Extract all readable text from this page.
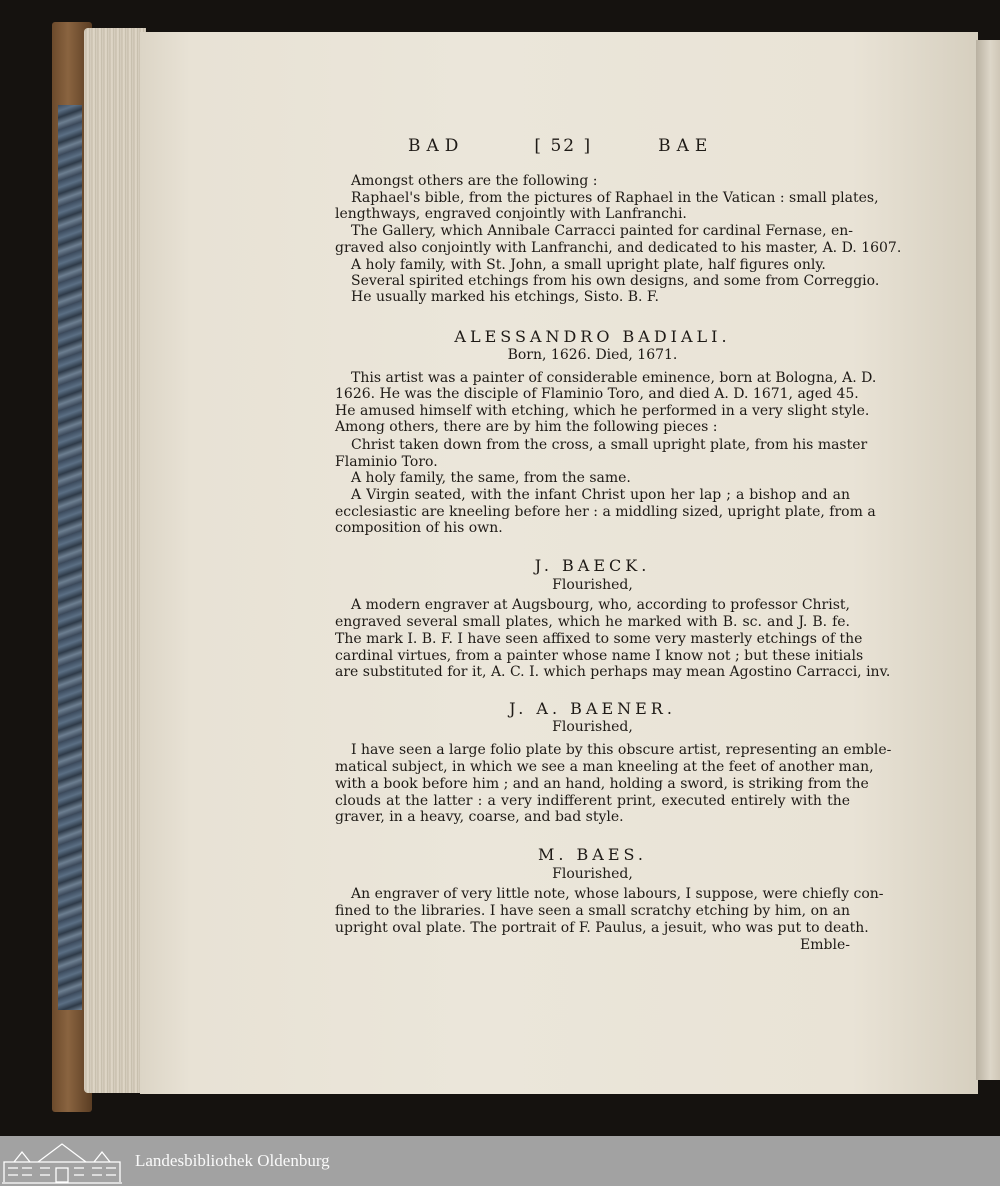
BAD	[ 52 ]	BAE
Amongst others are the following :
Raphael's bible, from the pictures of Raphael in the Vatican : small plates,
lengthways, engraved conjointly with Lanfranchi.
The Gallery, which Annibale Carracci painted for cardinal Fernase, en-
graved also conjointly with Lanfranchi, and dedicated to his master, A. D. 1607.
A holy family, with St. John, a small upright plate, half figures only.
Several spirited etchings from his own designs, and some from Correggio.
He usually marked his etchings, Sisto. B. F.
ALESSANDRO BADIALI.
Born, 1626. Died, 1671.
This artist was a painter of considerable eminence, born at Bologna, A. D.
1626. He was the disciple of Flaminio Toro, and died A. D. 1671, aged 45.
He amused himself with etching, which he performed in a very slight style.
Among others, there are by him the following pieces :
Christ taken down from the cross, a small upright plate, from his master
Flaminio Toro.
A holy family, the same, from the same.
A Virgin seated, with the infant Christ upon her lap ; a bishop and an
ecclesiastic are kneeling before her : a middling sized, upright plate, from a
composition of his own.
J. BAECK.
Flourished,
A modern engraver at Augsbourg, who, according to professor Christ,
engraved several small plates, which he marked with B. sc. and J. B. fe.
The mark I. B. F. I have seen affixed to some very masterly etchings of the
cardinal virtues, from a painter whose name I know not ; but these initials
are substituted for it, A. C. I. which perhaps may mean Agostino Carracci, inv.
J. A. BAENER.
Flourished,
I have seen a large folio plate by this obscure artist, representing an emble-
matical subject, in which we see a man kneeling at the feet of another man,
with a book before him ; and an hand, holding a sword, is striking from the
clouds at the latter : a very indifferent print, executed entirely with the
graver, in a heavy, coarse, and bad style.
M. BAES.
Flourished,
An engraver of very little note, whose labours, I suppose, were chiefly con-
fined to the libraries. I have seen a small scratchy etching by him, on an
upright oval plate. The portrait of F. Paulus, a jesuit, who was put to death.
Emble-
Landesbibliothek Oldenburg
